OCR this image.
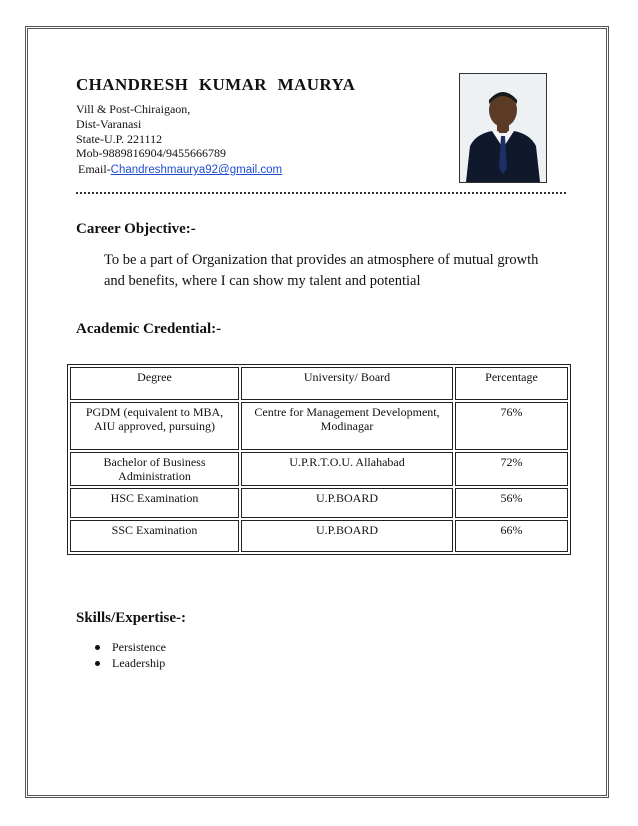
CHANDRESH KUMAR MAURYA
Vill & Post-Chiraigaon,
Dist-Varanasi
State-U.P. 221112
Mob-9889816904/9455666789
Email-Chandreshmaurya92@gmail.com
Career Objective:-
To be a part of Organization that provides an atmosphere of mutual growth and benefits, where I can show my talent and potential
Academic Credential:-
Degree	University/ Board	Percentage
PGDM (equivalent to MBA, AIU approved, pursuing)	Centre for Management Development, Modinagar	76%
Bachelor of Business Administration	U.P.R.T.O.U. Allahabad	72%
HSC Examination	U.P.BOARD	56%
SSC Examination	U.P.BOARD	66%
Skills/Expertise-:
Persistence
Leadership
